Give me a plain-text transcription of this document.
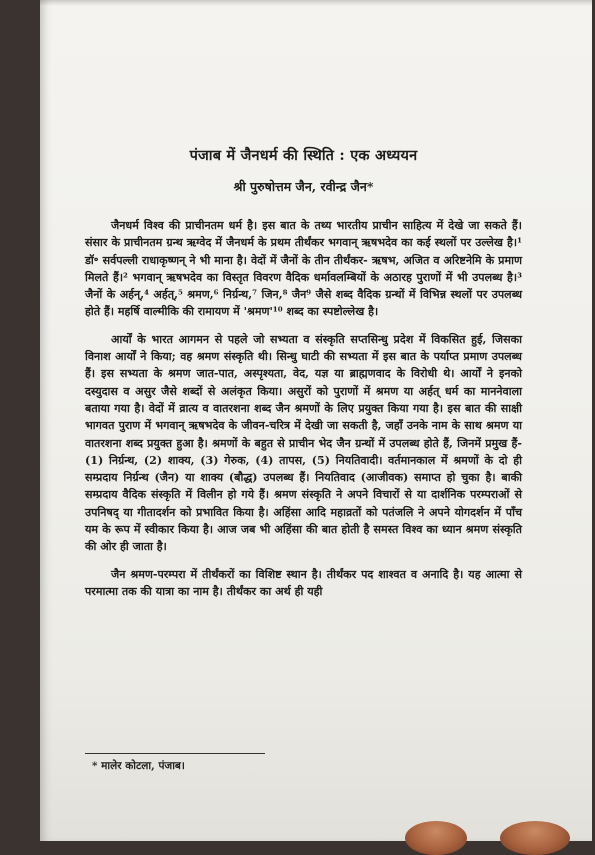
पंजाब में जैनधर्म की स्थिति : एक अध्ययन
श्री पुरुषोत्तम जैन, रवीन्द्र जैन*

जैनधर्म विश्व की प्राचीनतम धर्म है। इस बात के तथ्य भारतीय प्राचीन साहित्य में देखे जा सकते हैं। संसार के प्राचीनतम ग्रन्थ ऋग्वेद में जैनधर्म के प्रथम तीर्थंकर भगवान् ऋषभदेव का कई स्थलों पर उल्लेख है।¹ डॉ॰ सर्वपल्ली राधाकृष्णन् ने भी माना है। वेदों में जैनों के तीन तीर्थंकर- ऋषभ, अजित व अरिष्टनेमि के प्रमाण मिलते हैं।² भगवान् ऋषभदेव का विस्तृत विवरण वैदिक धर्मावलम्बियों के अठारह पुराणों में भी उपलब्ध है।³ जैनों के अर्हन्,⁴ अर्हत्,⁵ श्रमण,⁶ निर्ग्रन्थ,⁷ जिन,⁸ जैन⁹ जैसे शब्द वैदिक ग्रन्थों में विभिन्न स्थलों पर उपलब्ध होते हैं। महर्षि वाल्मीकि की रामायण में 'श्रमण'¹⁰ शब्द का स्पष्टोल्लेख है।

आर्यों के भारत आगमन से पहले जो सभ्यता व संस्कृति सप्तसिन्धु प्रदेश में विकसित हुई, जिसका विनाश आर्यों ने किया; वह श्रमण संस्कृति थी। सिन्धु घाटी की सभ्यता में इस बात के पर्याप्त प्रमाण उपलब्ध हैं। इस सभ्यता के श्रमण जात-पात, अस्पृश्यता, वेद, यज्ञ या ब्राह्मणवाद के विरोधी थे। आर्यों ने इनको दस्युदास व असुर जैसे शब्दों से अलंकृत किया। असुरों को पुराणों में श्रमण या अर्हत् धर्म का माननेवाला बताया गया है। वेदों में व्रात्य व वातरशना शब्द जैन श्रमणों के लिए प्रयुक्त किया गया है। इस बात की साक्षी भागवत पुराण में भगवान् ऋषभदेव के जीवन-चरित्र में देखी जा सकती है, जहाँ उनके नाम के साथ श्रमण या वातरशना शब्द प्रयुक्त हुआ है। श्रमणों के बहुत से प्राचीन भेद जैन ग्रन्थों में उपलब्ध होते हैं, जिनमें प्रमुख हैं- (1) निर्ग्रन्थ, (2) शाक्य, (3) गेरुक, (4) तापस, (5) नियतिवादी। वर्तमानकाल में श्रमणों के दो ही सम्प्रदाय निर्ग्रन्थ (जैन) या शाक्य (बौद्ध) उपलब्ध हैं। नियतिवाद (आजीवक) समाप्त हो चुका है। बाकी सम्प्रदाय वैदिक संस्कृति में विलीन हो गये हैं। श्रमण संस्कृति ने अपने विचारों से या दार्शनिक परम्पराओं से उपनिषद् या गीतादर्शन को प्रभावित किया है। अहिंसा आदि महाव्रतों को पतंजलि ने अपने योगदर्शन में पाँच यम के रूप में स्वीकार किया है। आज जब भी अहिंसा की बात होती है समस्त विश्व का ध्यान श्रमण संस्कृति की ओर ही जाता है।

जैन श्रमण-परम्परा में तीर्थंकरों का विशिष्ट स्थान है। तीर्थंकर पद शाश्वत व अनादि है। यह आत्मा से परमात्मा तक की यात्रा का नाम है। तीर्थंकर का अर्थ ही यही

* मालेर कोटला, पंजाब।
